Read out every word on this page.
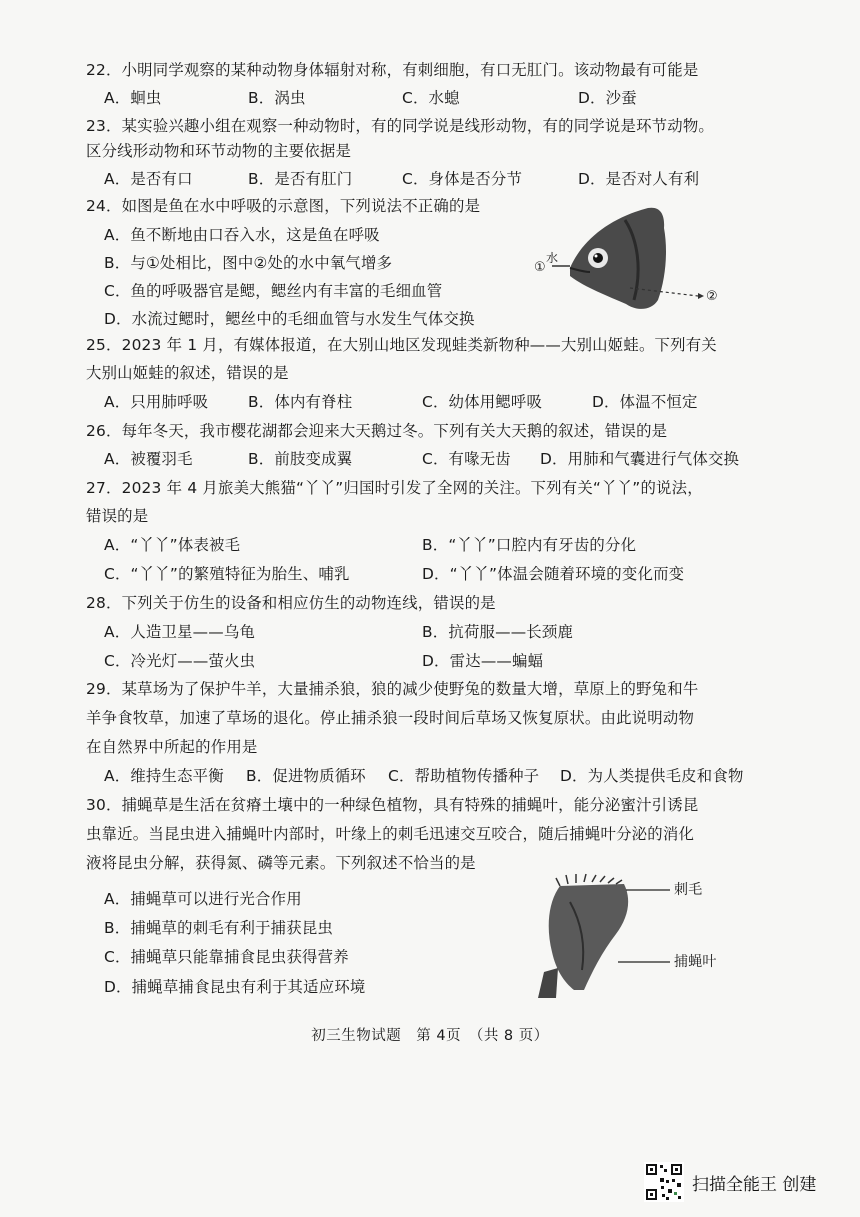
22．小明同学观察的某种动物身体辐射对称，有刺细胞，有口无肛门。该动物最有可能是
A．蛔虫	B．涡虫	C．水螅	D．沙蚕
23．某实验兴趣小组在观察一种动物时，有的同学说是线形动物，有的同学说是环节动物。
区分线形动物和环节动物的主要依据是
A．是否有口	B．是否有肛门	C．身体是否分节	D．是否对人有利
24．如图是鱼在水中呼吸的示意图，下列说法不正确的是
A．鱼不断地由口吞入水，这是鱼在呼吸
B．与①处相比，图中②处的水中氧气增多
C．鱼的呼吸器官是鳃，鳃丝内有丰富的毛细血管
D．水流过鳃时，鳃丝中的毛细血管与水发生气体交换
水
①
②
25．2023 年 1 月，有媒体报道，在大别山地区发现蛙类新物种——大别山姬蛙。下列有关
大别山姬蛙的叙述，错误的是
A．只用肺呼吸	B．体内有脊柱	C．幼体用鳃呼吸	D．体温不恒定
26．每年冬天，我市樱花湖都会迎来大天鹅过冬。下列有关大天鹅的叙述，错误的是
A．被覆羽毛	B．前肢变成翼	C．有喙无齿 D．用肺和气囊进行气体交换
27．2023 年 4 月旅美大熊猫“丫丫”归国时引发了全网的关注。下列有关“丫丫”的说法，
错误的是
A．“丫丫”体表被毛	B．“丫丫”口腔内有牙齿的分化
C．“丫丫”的繁殖特征为胎生、哺乳	D．“丫丫”体温会随着环境的变化而变
28．下列关于仿生的设备和相应仿生的动物连线，错误的是
A．人造卫星——乌龟	B．抗荷服——长颈鹿
C．冷光灯——萤火虫	D．雷达——蝙蝠
29．某草场为了保护牛羊，大量捕杀狼，狼的减少使野兔的数量大增，草原上的野兔和牛
羊争食牧草，加速了草场的退化。停止捕杀狼一段时间后草场又恢复原状。由此说明动物
在自然界中所起的作用是
A．维持生态平衡 B．促进物质循环 C．帮助植物传播种子 D．为人类提供毛皮和食物
30．捕蝇草是生活在贫瘠土壤中的一种绿色植物，具有特殊的捕蝇叶，能分泌蜜汁引诱昆
虫靠近。当昆虫进入捕蝇叶内部时，叶缘上的刺毛迅速交互咬合，随后捕蝇叶分泌的消化
液将昆虫分解，获得氮、磷等元素。下列叙述不恰当的是
A．捕蝇草可以进行光合作用
B．捕蝇草的刺毛有利于捕获昆虫
C．捕蝇草只能靠捕食昆虫获得营养
D．捕蝇草捕食昆虫有利于其适应环境
刺毛
捕蝇叶
初三生物试题　第 4页　（共 8 页）
扫描全能王 创建
